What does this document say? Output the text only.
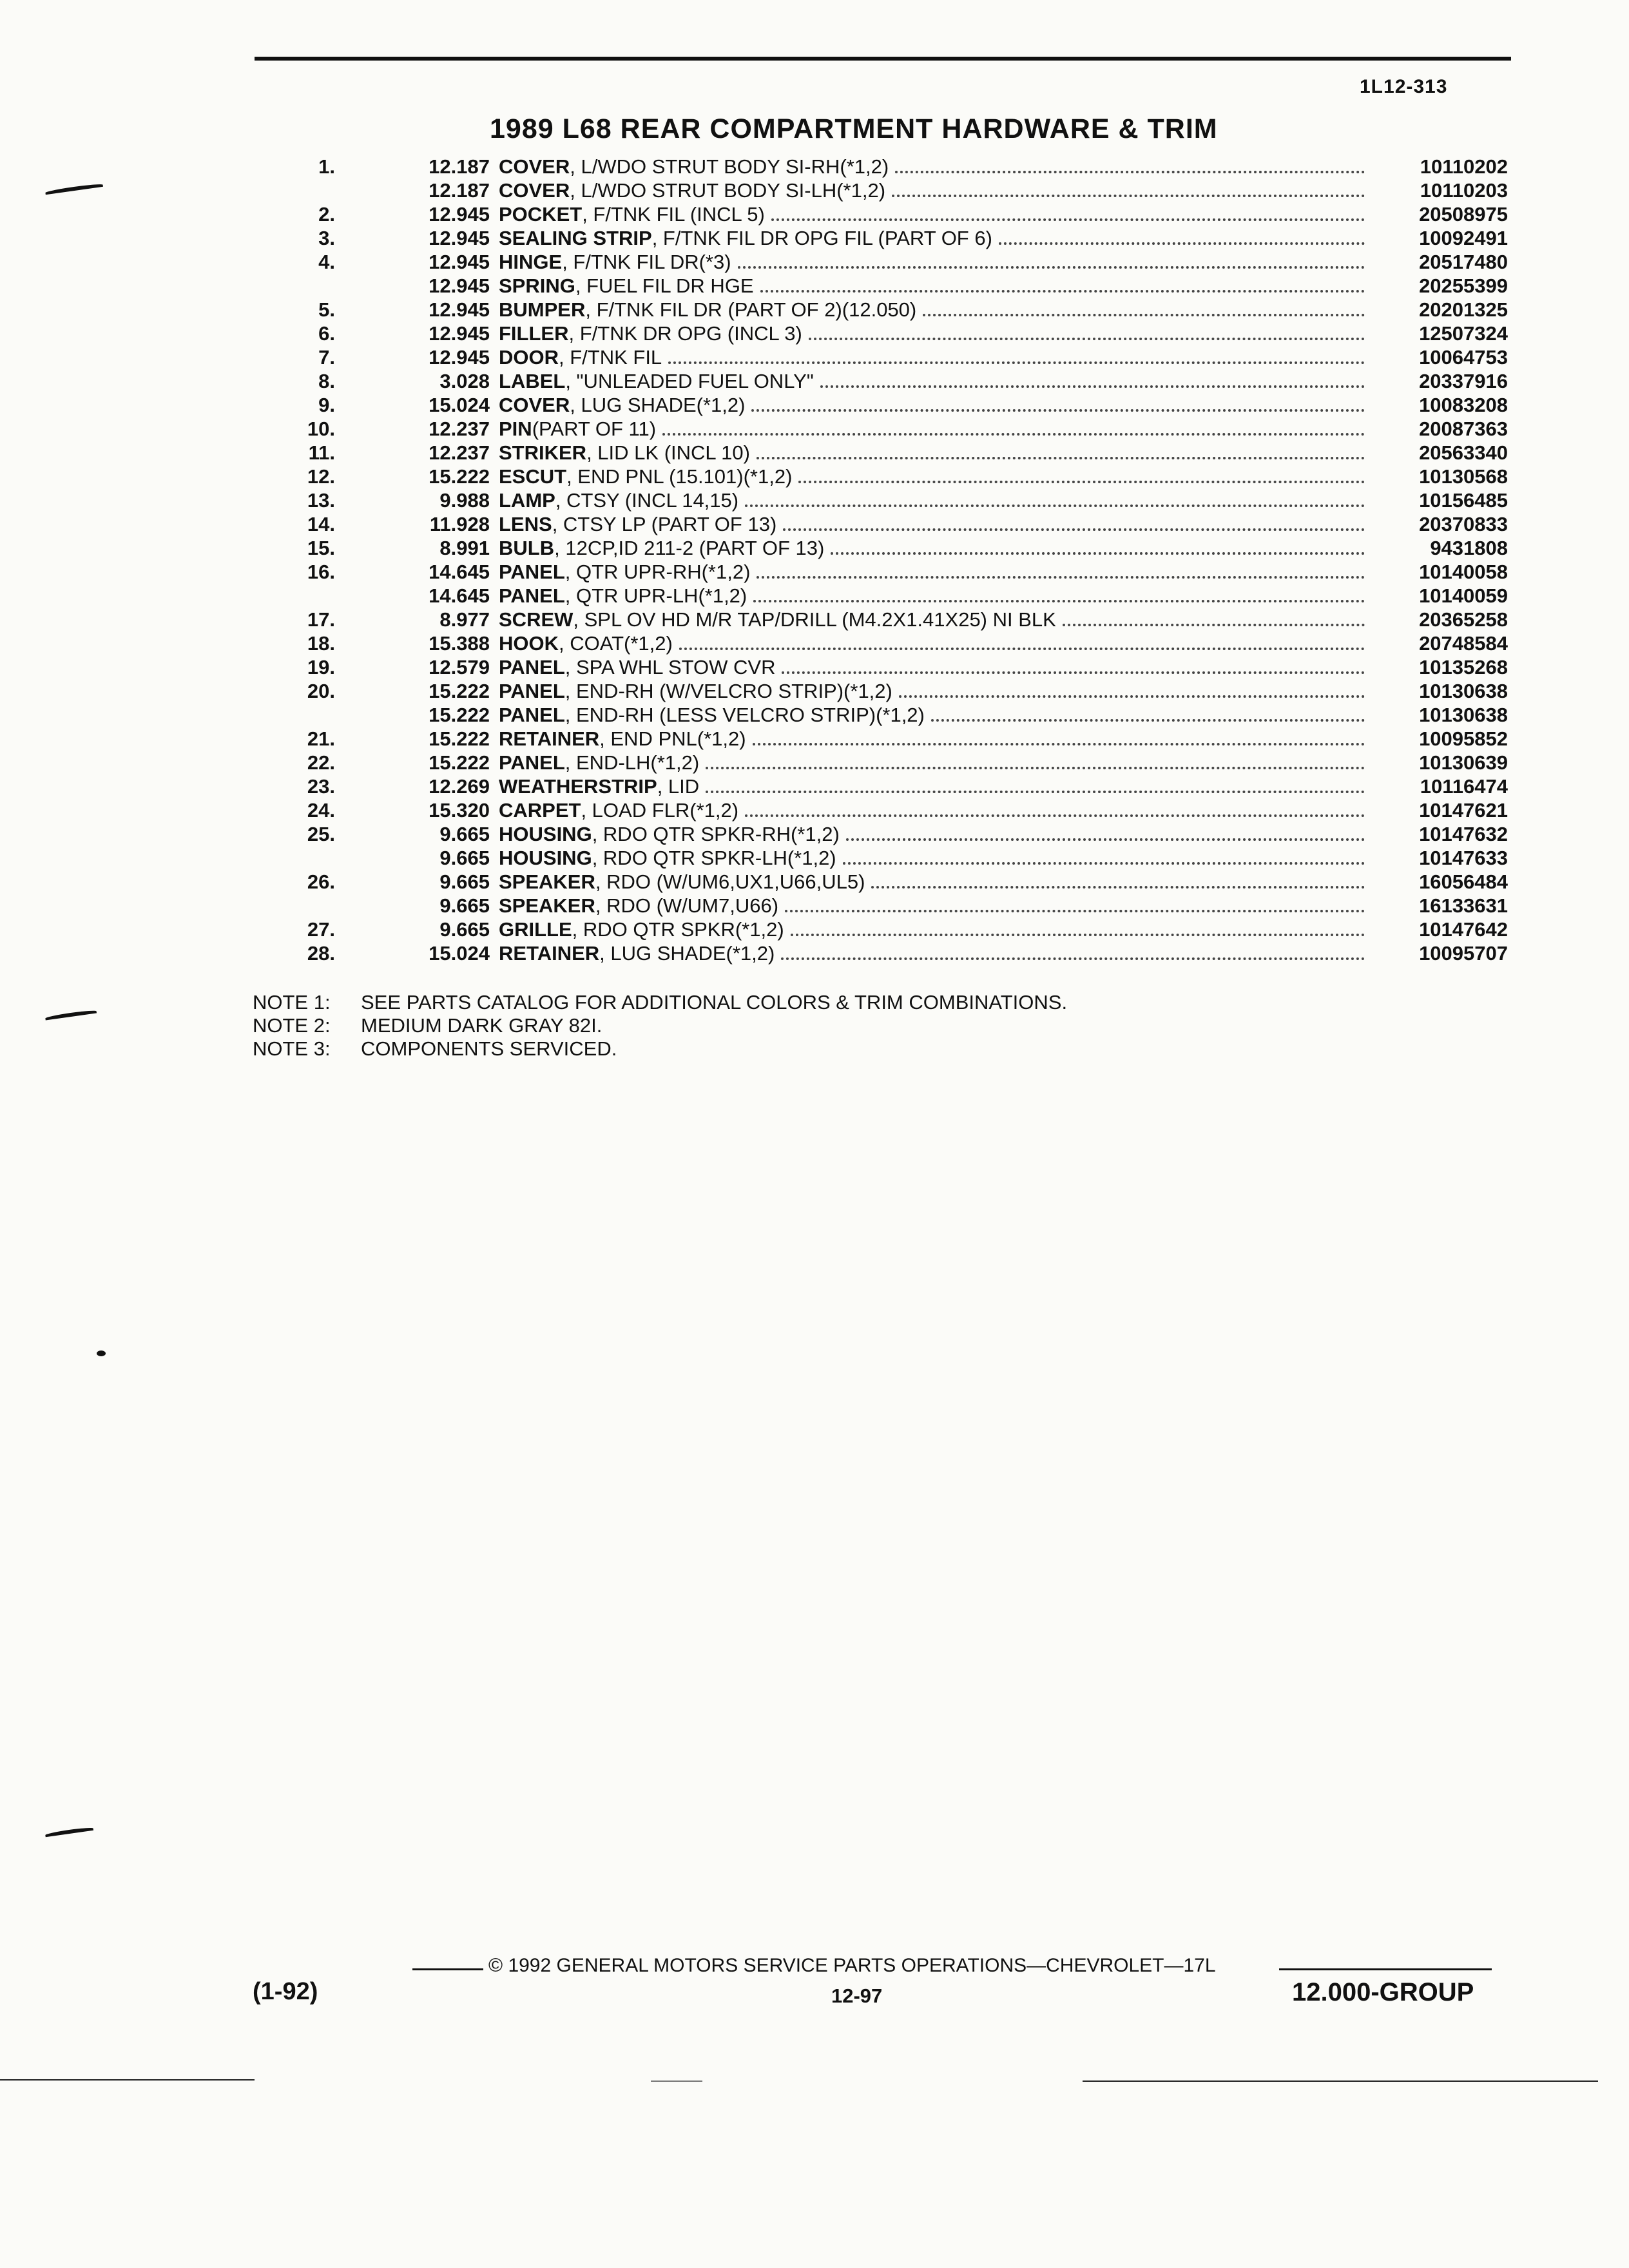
1L12-313
1989 L68 REAR COMPARTMENT HARDWARE & TRIM
1.	12.187 COVER , L/WDO STRUT BODY SI-RH(*1,2)	10110202
12.187 COVER , L/WDO STRUT BODY SI-LH(*1,2)	10110203
2.	12.945 POCKET , F/TNK FIL (INCL 5)	20508975
3.	12.945 SEALING STRIP , F/TNK FIL DR OPG FIL (PART OF 6)	10092491
4.	12.945 HINGE , F/TNK FIL DR(*3)	20517480
12.945 SPRING , FUEL FIL DR HGE	20255399
5.	12.945 BUMPER , F/TNK FIL DR (PART OF 2)(12.050)	20201325
6.	12.945 FILLER , F/TNK DR OPG (INCL 3)	12507324
7.	12.945 DOOR , F/TNK FIL	10064753
8.	3.028 LABEL , "UNLEADED FUEL ONLY"	20337916
9.	15.024 COVER , LUG SHADE(*1,2)	10083208
10.	12.237 PIN (PART OF 11)	20087363
11.	12.237 STRIKER , LID LK (INCL 10)	20563340
12.	15.222 ESCUT , END PNL (15.101)(*1,2)	10130568
13.	9.988 LAMP , CTSY (INCL 14,15)	10156485
14.	11.928 LENS , CTSY LP (PART OF 13)	20370833
15.	8.991 BULB , 12CP,ID 211-2 (PART OF 13)	9431808
16.	14.645 PANEL , QTR UPR-RH(*1,2)	10140058
14.645 PANEL , QTR UPR-LH(*1,2)	10140059
17.	8.977 SCREW , SPL OV HD M/R TAP/DRILL (M4.2X1.41X25) NI BLK	20365258
18.	15.388 HOOK , COAT(*1,2)	20748584
19.	12.579 PANEL , SPA WHL STOW CVR	10135268
20.	15.222 PANEL , END-RH (W/VELCRO STRIP)(*1,2)	10130638
15.222 PANEL , END-RH (LESS VELCRO STRIP)(*1,2)	10130638
21.	15.222 RETAINER , END PNL(*1,2)	10095852
22.	15.222 PANEL , END-LH(*1,2)	10130639
23.	12.269 WEATHERSTRIP , LID	10116474
24.	15.320 CARPET , LOAD FLR(*1,2)	10147621
25.	9.665 HOUSING , RDO QTR SPKR-RH(*1,2)	10147632
9.665 HOUSING , RDO QTR SPKR-LH(*1,2)	10147633
26.	9.665 SPEAKER , RDO (W/UM6,UX1,U66,UL5)	16056484
9.665 SPEAKER , RDO (W/UM7,U66)	16133631
27.	9.665 GRILLE , RDO QTR SPKR(*1,2)	10147642
28.	15.024 RETAINER , LUG SHADE(*1,2)	10095707
NOTE 1:	SEE PARTS CATALOG FOR ADDITIONAL COLORS & TRIM COMBINATIONS.
NOTE 2:	MEDIUM DARK GRAY 82I.
NOTE 3:	COMPONENTS SERVICED.
© 1992 GENERAL MOTORS SERVICE PARTS OPERATIONS—CHEVROLET—17L
(1-92)	12-97	12.000-GROUP
